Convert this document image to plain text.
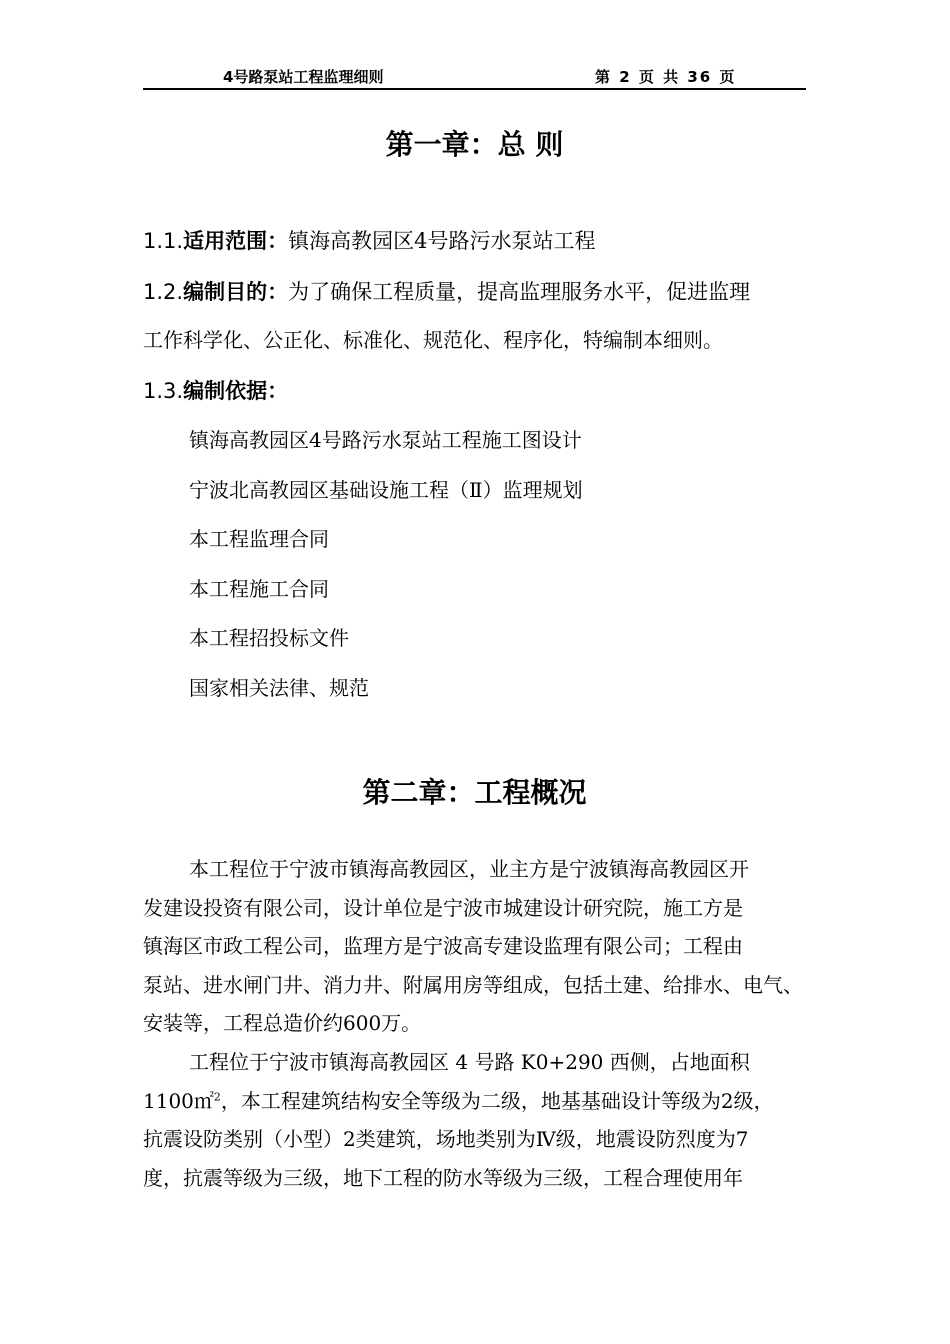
4号路泵站工程监理细则	第 2 页 共 36 页
第一章：总 则
1.1.适用范围：镇海高教园区4号路污水泵站工程
1.2.编制目的：为了确保工程质量，提高监理服务水平，促进监理
工作科学化、公正化、标准化、规范化、程序化，特编制本细则。
1.3.编制依据：
镇海高教园区4号路污水泵站工程施工图设计
宁波北高教园区基础设施工程（Ⅱ）监理规划
本工程监理合同
本工程施工合同
本工程招投标文件
国家相关法律、规范
第二章：工程概况
本工程位于宁波市镇海高教园区，业主方是宁波镇海高教园区开
发建设投资有限公司，设计单位是宁波市城建设计研究院，施工方是
镇海区市政工程公司，监理方是宁波高专建设监理有限公司；工程由
泵站、进水闸门井、消力井、附属用房等组成，包括土建、给排水、电气、
安装等，工程总造价约600万。
工程位于宁波市镇海高教园区 4 号路 K0+290 西侧，占地面积
1100㎡$^2$，本工程建筑结构安全等级为二级，地基基础设计等级为2级，
抗震设防类别（小型）2类建筑，场地类别为Ⅳ级，地震设防烈度为7
度，抗震等级为三级，地下工程的防水等级为三级，工程合理使用年
